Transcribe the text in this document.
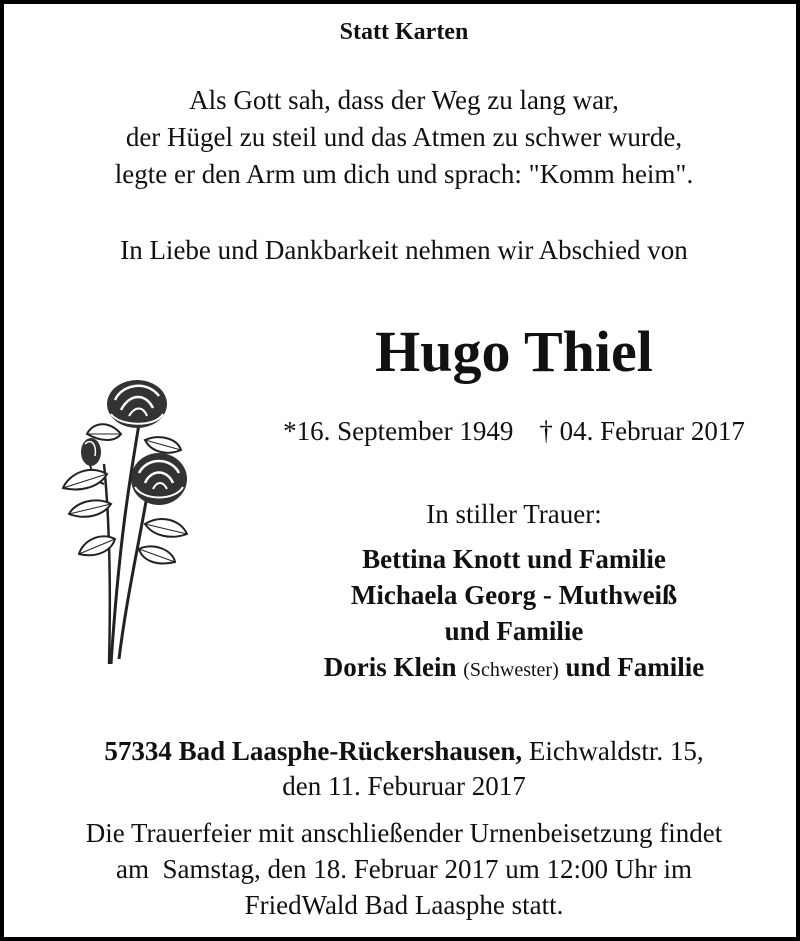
Statt Karten
Als Gott sah, dass der Weg zu lang war,
der Hügel zu steil und das Atmen zu schwer wurde,
legte er den Arm um dich und sprach: "Komm heim".
In Liebe und Dankbarkeit nehmen wir Abschied von
Hugo Thiel
*16. September 1949 † 04. Februar 2017
In stiller Trauer:
Bettina Knott und Familie
Michaela Georg - Muthweiß
und Familie
Doris Klein (Schwester) und Familie
57334 Bad Laasphe-Rückershausen, Eichwaldstr. 15,
den 11. Feburuar 2017
Die Trauerfeier mit anschließender Urnenbeisetzung findet
am  Samstag, den 18. Februar 2017 um 12:00 Uhr im
FriedWald Bad Laasphe statt.
